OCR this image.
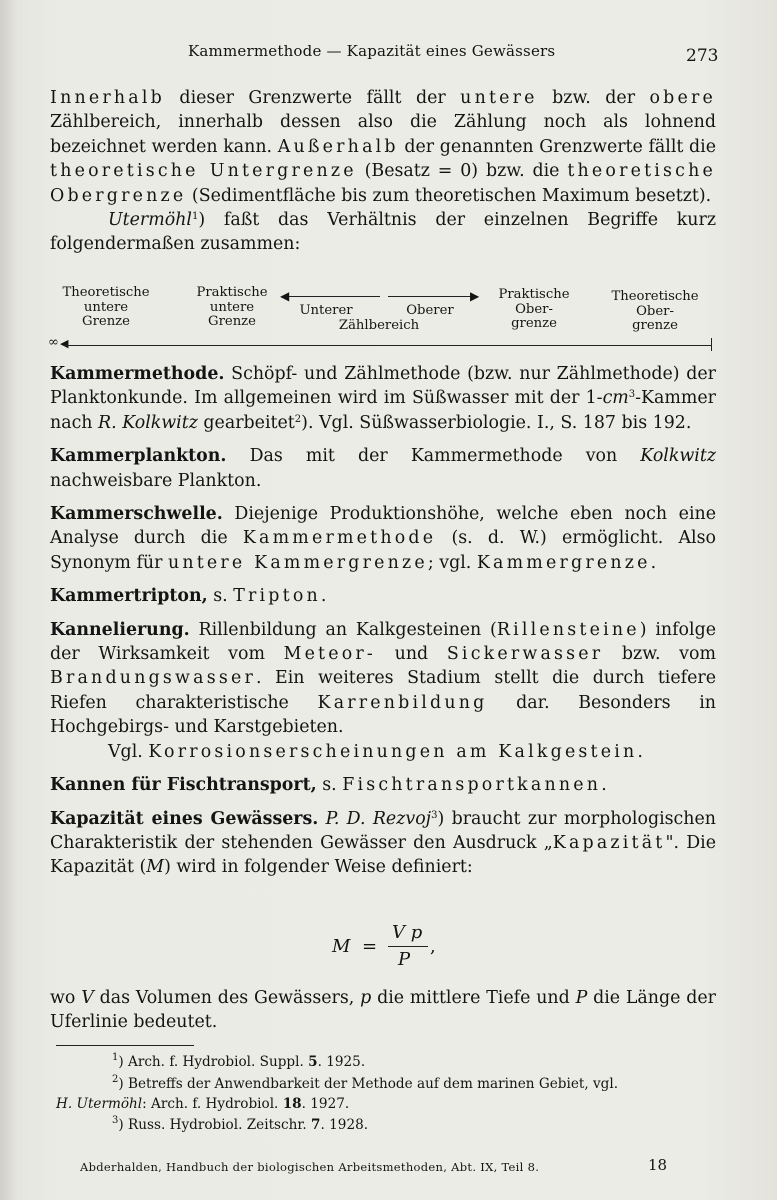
Kammermethode — Kapazität eines Gewässers	273
Innerhalb dieser Grenzwerte fällt der untere bzw. der obere Zählbereich, innerhalb dessen also die Zählung noch als lohnend bezeichnet werden kann. Außerhalb der genannten Grenzwerte fällt die theoretische Untergrenze (Besatz = 0) bzw. die theoretische Obergrenze (Sedimentfläche bis zum theoretischen Maximum besetzt).
Utermöhl$^1$) faßt das Verhältnis der einzelnen Begriffe kurz folgendermaßen zusammen:
Theoretische
untere
Grenze
Praktische
untere
Grenze
Unterer	Oberer
Zählbereich
Praktische
Ober-
grenze
Theoretische
Ober-
grenze
◀	▶
∞ ◀
Kammermethode. Schöpf- und Zählmethode (bzw. nur Zählmethode) der Planktonkunde. Im allgemeinen wird im Süßwasser mit der $1-cm^3$-Kammer nach R. Kolkwitz gearbeitet$^2$). Vgl. Süßwasserbiologie. I., S. 187 bis 192.
Kammerplankton. Das mit der Kammermethode von Kolkwitz nachweisbare Plankton.
Kammerschwelle. Diejenige Produktionshöhe, welche eben noch eine Analyse durch die Kammermethode (s. d. W.) ermöglicht. Also Synonym für untere Kammergrenze; vgl. Kammergrenze.
Kammertripton, s. Tripton.
Kannelierung. Rillenbildung an Kalkgesteinen (Rillensteine) infolge der Wirksamkeit vom Meteor- und Sickerwasser bzw. vom Brandungswasser. Ein weiteres Stadium stellt die durch tiefere Riefen charakteristische Karrenbildung dar. Besonders in Hochgebirgs- und Karstgebieten.
Vgl. Korrosionserscheinungen am Kalkgestein.
Kannen für Fischtransport, s. Fischtransportkannen.
Kapazität eines Gewässers. P. D. Rezvoj$^3$) braucht zur morphologischen Charakteristik der stehenden Gewässer den Ausdruck „Kapazität". Die Kapazität (M) wird in folgender Weise definiert:
M =
V p
P
,
wo V das Volumen des Gewässers, p die mittlere Tiefe und P die Länge der Uferlinie bedeutet.
$^1$) Arch. f. Hydrobiol. Suppl. 5. 1925.
$^2$) Betreffs der Anwendbarkeit der Methode auf dem marinen Gebiet, vgl.
H. Utermöhl: Arch. f. Hydrobiol. 18. 1927.
$^3$) Russ. Hydrobiol. Zeitschr. 7. 1928.
Abderhalden, Handbuch der biologischen Arbeitsmethoden, Abt. IX, Teil 8.	18
